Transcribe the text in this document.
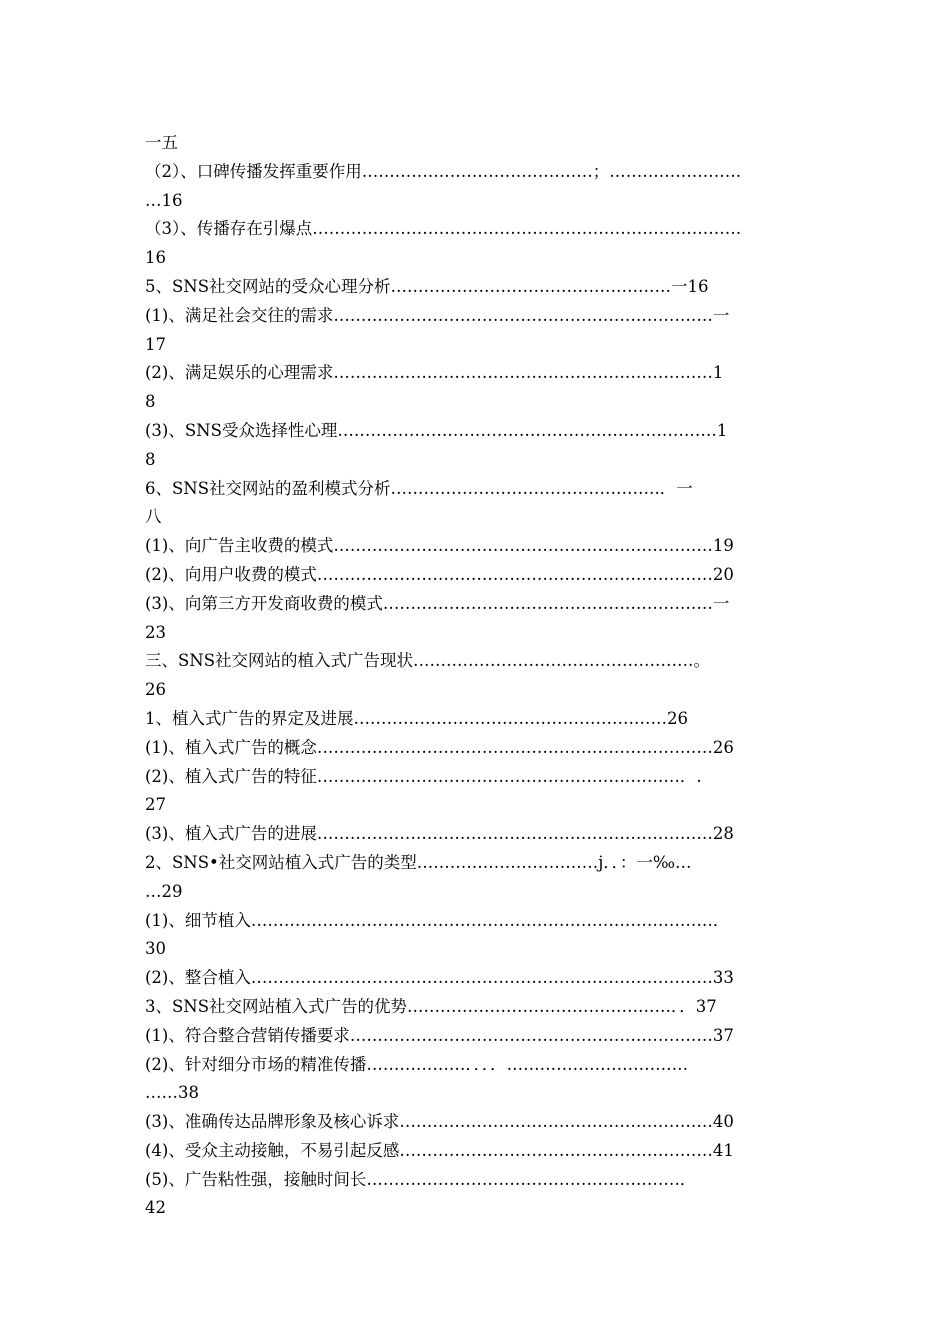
一五
（2）、口碑传播发挥重要作用……………………………………；……………………
…16
（3）、传播存在引爆点……………………………………………………………………
16
5、SNS社交网站的受众心理分析……………………………………………一16
(1)、满足社会交往的需求……………………………………………………………一
17
(2)、满足娱乐的心理需求……………………………………………………………1
8
(3)、SNS受众选择性心理……………………………………………………………1
8
6、SNS社交网站的盈利模式分析………………………………………….．一
八
(1)、向广告主收费的模式……………………………………………………………19
(2)、向用户收费的模式………………………………………………………………20
(3)、向第三方开发商收费的模式……………………………………………………一
23
三、SNS社交网站的植入式广告现状……………………………………………。
26
1、植入式广告的界定及进展…………………………………………………26
(1)、植入式广告的概念………………………………………………………………26
(2)、植入式广告的特征…………………………………………………………．.
27
(3)、植入式广告的进展………………………………………………………………28
2、SNS•社交网站植入式广告的类型……………………………j．．：一‰…
…29
(1)、细节植入…………………………………………………………………………．
30
(2)、整合植入…………………………………………………………………………33
3、SNS社交网站植入式广告的优势…………………………………………．．37
(1)、符合整合营销传播要求…………………………………………………………37
(2)、针对细分市场的精准传播………………．．．．……………………………
……38
(3)、准确传达品牌形象及核心诉求…………………………………………………40
(4)、受众主动接触，不易引起反感…………………………………………………41
(5)、广告粘性强，接触时间长…………………………………………………．
42
